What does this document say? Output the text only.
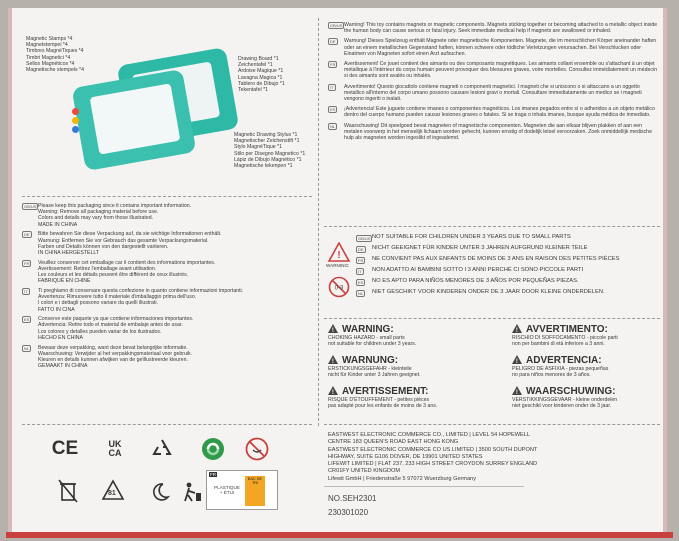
Magnetic Stamps *4
Magnetstempel *4
Timbres MagnéTiques *4
Timbri Magnetici *4
Sellos Magnéticos *4
Magnetische stempels *4
Drawing Board *1
Zeichentafel *1
Ardoise Magique *1
Lavagna Magica *1
Tablero de Dibujo *1
Tekentafel *1
Magnetic Drawing Stylus *1
Magnetischer Zeichenstift *1
Stylo MagnéTique *1
Stilo per Disegno Magnetico *1
Lápiz de Dibujo Magnético *1
Magnetische tekenpen *1
GB/US Please keep this packaging since it contains important information.
Warning: Remove all packaging material before use.
Colors and details may vary from those illustrated.
MADE IN CHINA
DE	Bitte bewahren Sie diese Verpackung auf, da sie wichtige Informationen enthält.
Warnung: Entfernen Sie vor Gebrauch das gesamte Verpackungsmaterial.
Farben und Details können von den dargestellt variieren.
IN CHINA HERGESTELLT
FR	Veuillez conserver cet emballage car il contient des informations importantes.
Avertissement: Retirez l'emballage avant utilisation.
Les couleurs et les détails peuvent être différent de ceux illustrés.
FABRIQUÉ EN CHINE
IT	Ti preghiamo di conservare questa confezione in quanto contiene informazioni importanti.
Avvertenza: Rimuovere tutto il materiale d'imballaggio prima dell'uso.
I colori e i dettagli possono variare da quelli illustrati.
FATTO IN CINA
ES	Conserve este paquete ya que contiene informaciones importantes.
Advertencia: Retire todo el material de embalaje antes de usar.
Los colores y detalles pueden variar de los ilustrados.
HECHO EN CHINA
NL	Bewaar deze verpakking, want deze bevat belangrijke informatie.
Waarschuwing: Verwijder al het verpakkingsmateriaal voor gebruik.
Kleuren en details kunnen afwijken van de geïllustreerde kleuren.
GEMAAKT IN CHINA
GB/US Warning! This toy contains magnets or magnetic components. Magnets sticking together or becoming attached to a metallic object inside the human body can cause serious or fatal injury. Seek immediate medical help if magnets are swallowed or inhaled.
DE	Warnung! Dieses Spielzeug enthält Magnete oder magnetische Komponenten. Magnete, die im menschlichen Körper aneinander haften oder an einem metallischen Gegenstand haften, können schwere oder tödliche Verletzungen verursachen. Bei Verschlucken oder Einatmen von Magneten sofort einen Arzt aufsuchen.
FR	Avertissement! Ce jouet contient des aimants ou des composants magnétiques. Les aimants collant ensemble ou s'attachant à un objet métallique à l'intérieur du corps humain peuvent provoquer des blessures graves, voire mortelles. Consultez immédiatement un médecin si des aimants sont avalés ou inhalés.
IT	Avvertimento! Questo giocattolo contiene magneti o componenti magnetici. I magneti che si uniscono o si attaccano a un oggetto metallico all'interno del corpo umano possono causare lesioni gravi o mortali. Consultare immediatamente un medico se i magneti vengono ingeriti o inalati.
ES	¡Advertencia! Este juguete contiene imanes o componentes magnéticos. Los imanes pegados entre sí o adheridos a un objeto metálico dentro del cuerpo humano pueden causar lesiones graves o fatales. Si se traga o inhala imanes, busque ayuda médica de inmediato.
NL	Waarschuwing! Dit speelgoed bevat magneten of magnetische componenten. Magneten die aan elkaar blijven plakken of aan een metalen voorwerp in het menselijk lichaam worden gehecht, kunnen ernstig of dodelijk letsel veroorzaken. Zoek onmiddellijk medische hulp als magneten worden ingeslikt of ingeademd.
!
WARNING:
0-3
GB/US NOT SUITABLE FOR CHILDREN UNDER 3 YEARS DUE TO SMALL PARTS
DE	NICHT GEEIGNET FÜR KINDER UNTER 3 JAHREN AUFGRUND KLEINER TEILE
FR	NE CONVIENT PAS AUX ENFANTS DE MOINS DE 3 ANS EN RAISON DES PETITES PIÈCES
IT	NON ADATTO AI BAMBINI SOTTO I 3 ANNI PERCHÉ CI SONO PICCOLE PARTI
ES	NO ES APTO PARA NIÑOS MENORES DE 3 AÑOS POR PEQUEÑAS PIEZAS.
NL	NIET GESCHIKT VOOR KINDEREN ONDER DE 3 JAAR DOOR KLEINE ONDERDELEN.
!WARNING:
CHOKING HAZARD - small parts
not suitable for children under 3 years.
!AVVERTIMENTO:
RISCHIO DI SOFFOCAMENTO - piccole parti
non per bambini di età inferiore a 3 anni.
!WARNUNG:
ERSTICKUNGSGEFAHR - kleinteile
nicht für Kinder unter 3 Jahren geeignet.
!ADVERTENCIA:
PELIGRO DE ASFIXIA - piezas pequeñas
no para niños menores de 3 años.
!AVERTISSEMENT:
RISQUE D'ÉTOUFFEMENT - petites pièces
pas adapté pour les enfants de moins de 3 ans.
!WAARSCHUWING:
VERSTIKKINGSGEVAAR - kleine onderdelen
niet geschikt voor kinderen onder de 3 jaar.
CE	UK CA
81
FR
PLASTIQUE + ÉTUI
BAC DE TRI
EASTWEST ELECTRONIC COMMERCE CO., LIMITED | LEVEL 54 HOPEWELL
CENTRE 183 QUEEN'S ROAD EAST HONG KONG
EASTWEST ELECTRONIC COMMERCE CO US LIMITED | 3500 SOUTH DUPONT
HIGHWAY, SUITE G106 DOVER, DE 19901 UNITED STATES
LIFEWIT LIMITED | FLAT 237, 233 HIGH STREET CROYDON SURREY ENGLAND
CR01FY UNITED KINGDOM
Lifewit GmbH | Friedenstraße 5 97072 Wuerzburg Germany
NO.SEH2301
230301020
